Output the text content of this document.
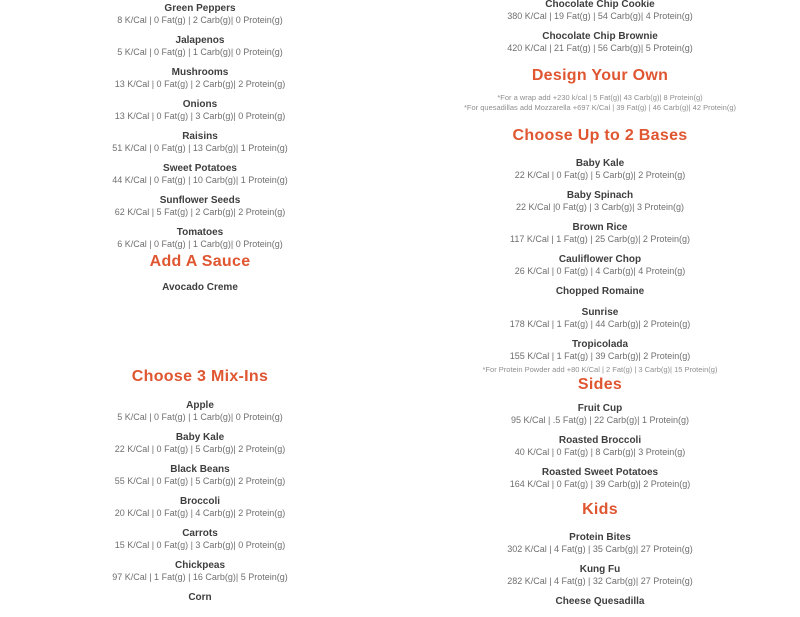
Green Peppers
8 K/Cal | 0 Fat(g) | 2 Carb(g)| 0 Protein(g)
Jalapenos
5 K/Cal | 0 Fat(g) | 1 Carb(g)| 0 Protein(g)
Mushrooms
13 K/Cal | 0 Fat(g) | 2 Carb(g)| 2 Protein(g)
Onions
13 K/Cal | 0 Fat(g) | 3 Carb(g)| 0 Protein(g)
Raisins
51 K/Cal | 0 Fat(g) | 13 Carb(g)| 1 Protein(g)
Sweet Potatoes
44 K/Cal | 0 Fat(g) | 10 Carb(g)| 1 Protein(g)
Sunflower Seeds
62 K/Cal | 5 Fat(g) | 2 Carb(g)| 2 Protein(g)
Tomatoes
6 K/Cal | 0 Fat(g) | 1 Carb(g)| 0 Protein(g)
Add A Sauce
Avocado Creme
Choose 3 Mix-Ins
Apple
5 K/Cal | 0 Fat(g) | 1 Carb(g)| 0 Protein(g)
Baby Kale
22 K/Cal | 0 Fat(g) | 5 Carb(g)| 2 Protein(g)
Black Beans
55 K/Cal | 0 Fat(g) | 5 Carb(g)| 2 Protein(g)
Broccoli
20 K/Cal | 0 Fat(g) | 4 Carb(g)| 2 Protein(g)
Carrots
15 K/Cal | 0 Fat(g) | 3 Carb(g)| 0 Protein(g)
Chickpeas
97 K/Cal | 1 Fat(g) | 16 Carb(g)| 5 Protein(g)
Corn
Chocolate Chip Cookie
380 K/Cal | 19 Fat(g) | 54 Carb(g)| 4 Protein(g)
Chocolate Chip Brownie
420 K/Cal | 21 Fat(g) | 56 Carb(g)| 5 Protein(g)
Design Your Own
*For a wrap add +230 k/cal | 5 Fat(g)| 43 Carb(g)| 8 Protein(g)
*For quesadillas add Mozzarella +697 K/Cal | 39 Fat(g) | 46 Carb(g)| 42 Protein(g)
Choose Up to 2 Bases
Baby Kale
22 K/Cal | 0 Fat(g) | 5 Carb(g)| 2 Protein(g)
Baby Spinach
22 K/Cal |0 Fat(g) | 3 Carb(g)| 3 Protein(g)
Brown Rice
117 K/Cal | 1 Fat(g) | 25 Carb(g)| 2 Protein(g)
Cauliflower Chop
26 K/Cal | 0 Fat(g) | 4 Carb(g)| 4 Protein(g)
Chopped Romaine
Sunrise
178 K/Cal | 1 Fat(g) | 44 Carb(g)| 2 Protein(g)
Tropicolada
155 K/Cal | 1 Fat(g) | 39 Carb(g)| 2 Protein(g)
*For Protein Powder add +80 K/Cal | 2 Fat(g) | 3 Carb(g)| 15 Protein(g)
Sides
Fruit Cup
95 K/Cal | .5 Fat(g) | 22 Carb(g)| 1 Protein(g)
Roasted Broccoli
40 K/Cal | 0 Fat(g) | 8 Carb(g)| 3 Protein(g)
Roasted Sweet Potatoes
164 K/Cal | 0 Fat(g) | 39 Carb(g)| 2 Protein(g)
Kids
Protein Bites
302 K/Cal | 4 Fat(g) | 35 Carb(g)| 27 Protein(g)
Kung Fu
282 K/Cal | 4 Fat(g) | 32 Carb(g)| 27 Protein(g)
Cheese Quesadilla
